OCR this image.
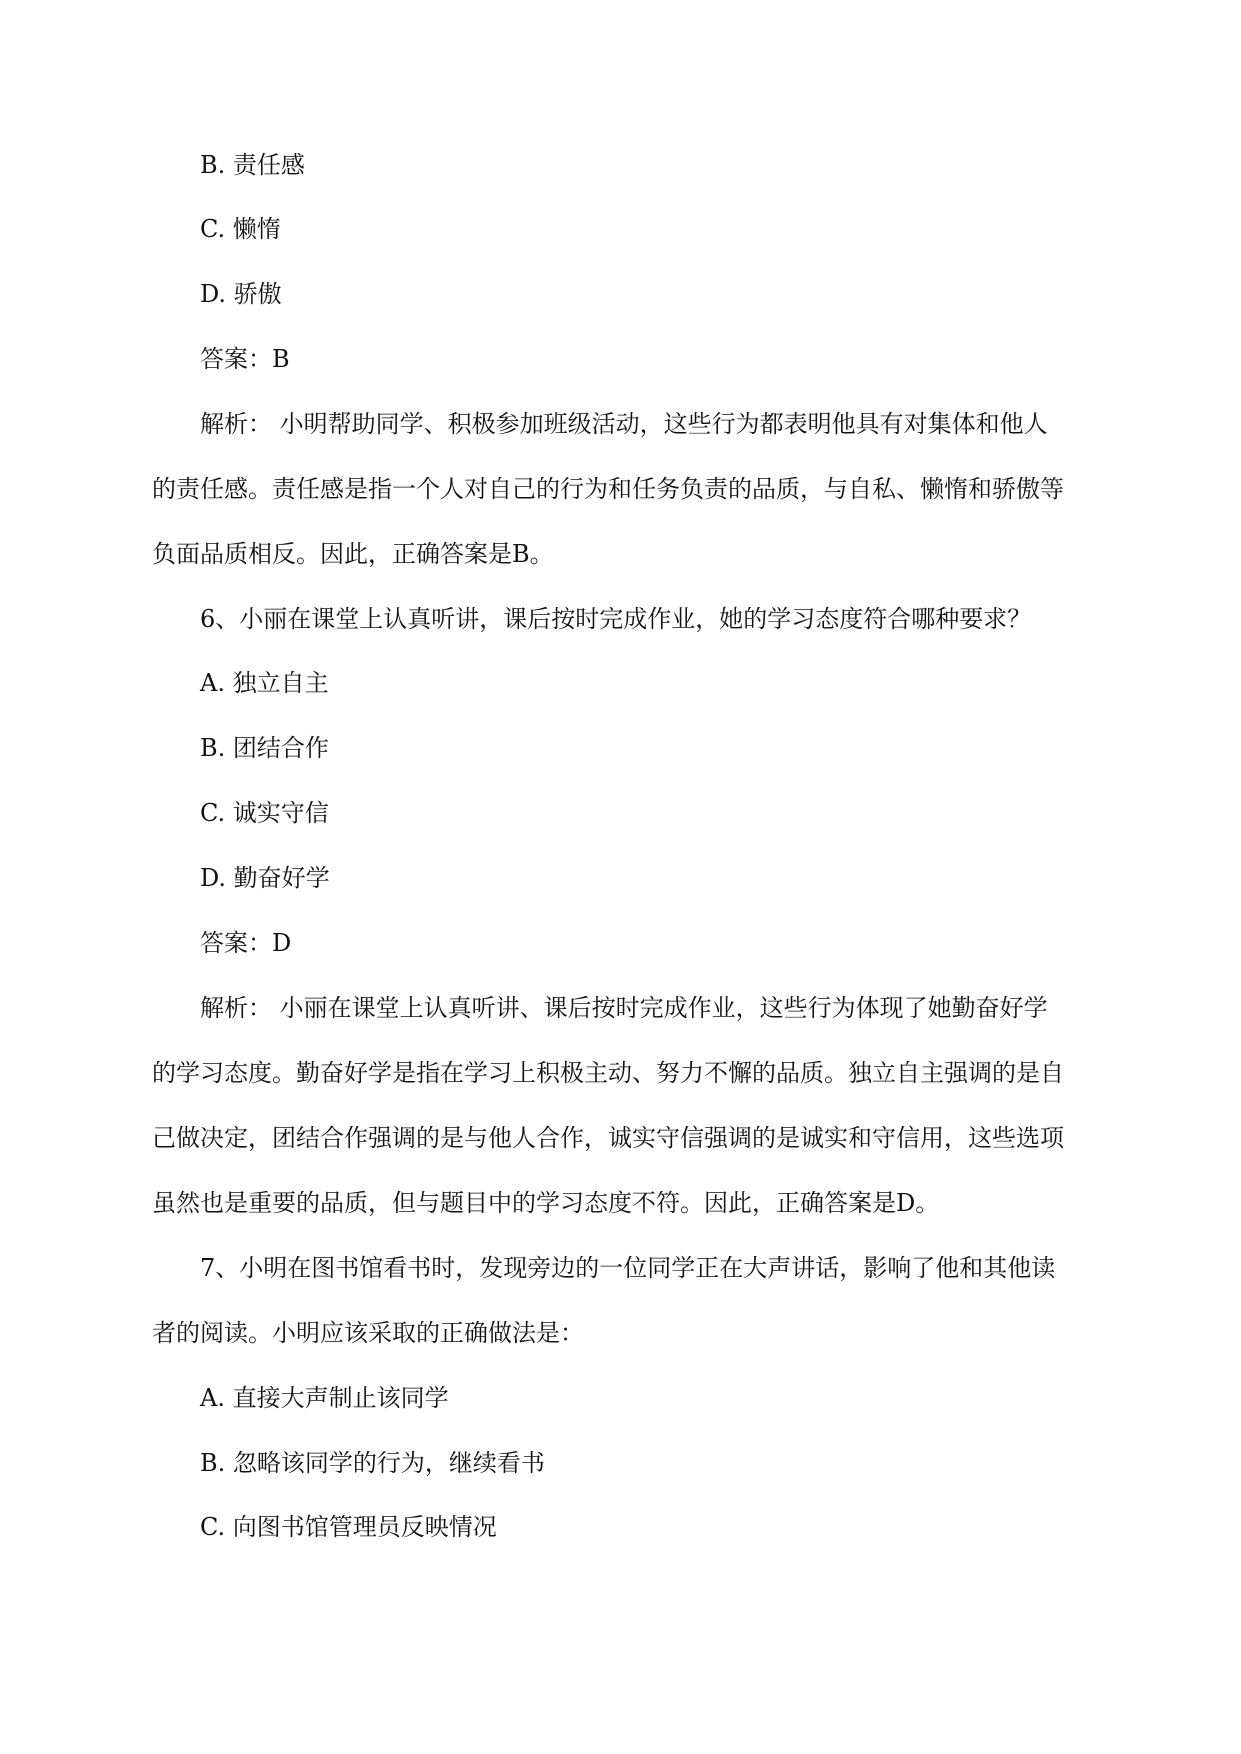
B. 责任感
C. 懒惰
D. 骄傲
答案：B
解析： 小明帮助同学、积极参加班级活动，这些行为都表明他具有对集体和他人
的责任感。责任感是指一个人对自己的行为和任务负责的品质，与自私、懒惰和骄傲等
负面品质相反。因此，正确答案是B。
6、小丽在课堂上认真听讲，课后按时完成作业，她的学习态度符合哪种要求？
A. 独立自主
B. 团结合作
C. 诚实守信
D. 勤奋好学
答案：D
解析： 小丽在课堂上认真听讲、课后按时完成作业，这些行为体现了她勤奋好学
的学习态度。勤奋好学是指在学习上积极主动、努力不懈的品质。独立自主强调的是自
己做决定，团结合作强调的是与他人合作，诚实守信强调的是诚实和守信用，这些选项
虽然也是重要的品质，但与题目中的学习态度不符。因此，正确答案是D。
7、小明在图书馆看书时，发现旁边的一位同学正在大声讲话，影响了他和其他读
者的阅读。小明应该采取的正确做法是：
A. 直接大声制止该同学
B. 忽略该同学的行为，继续看书
C. 向图书馆管理员反映情况
